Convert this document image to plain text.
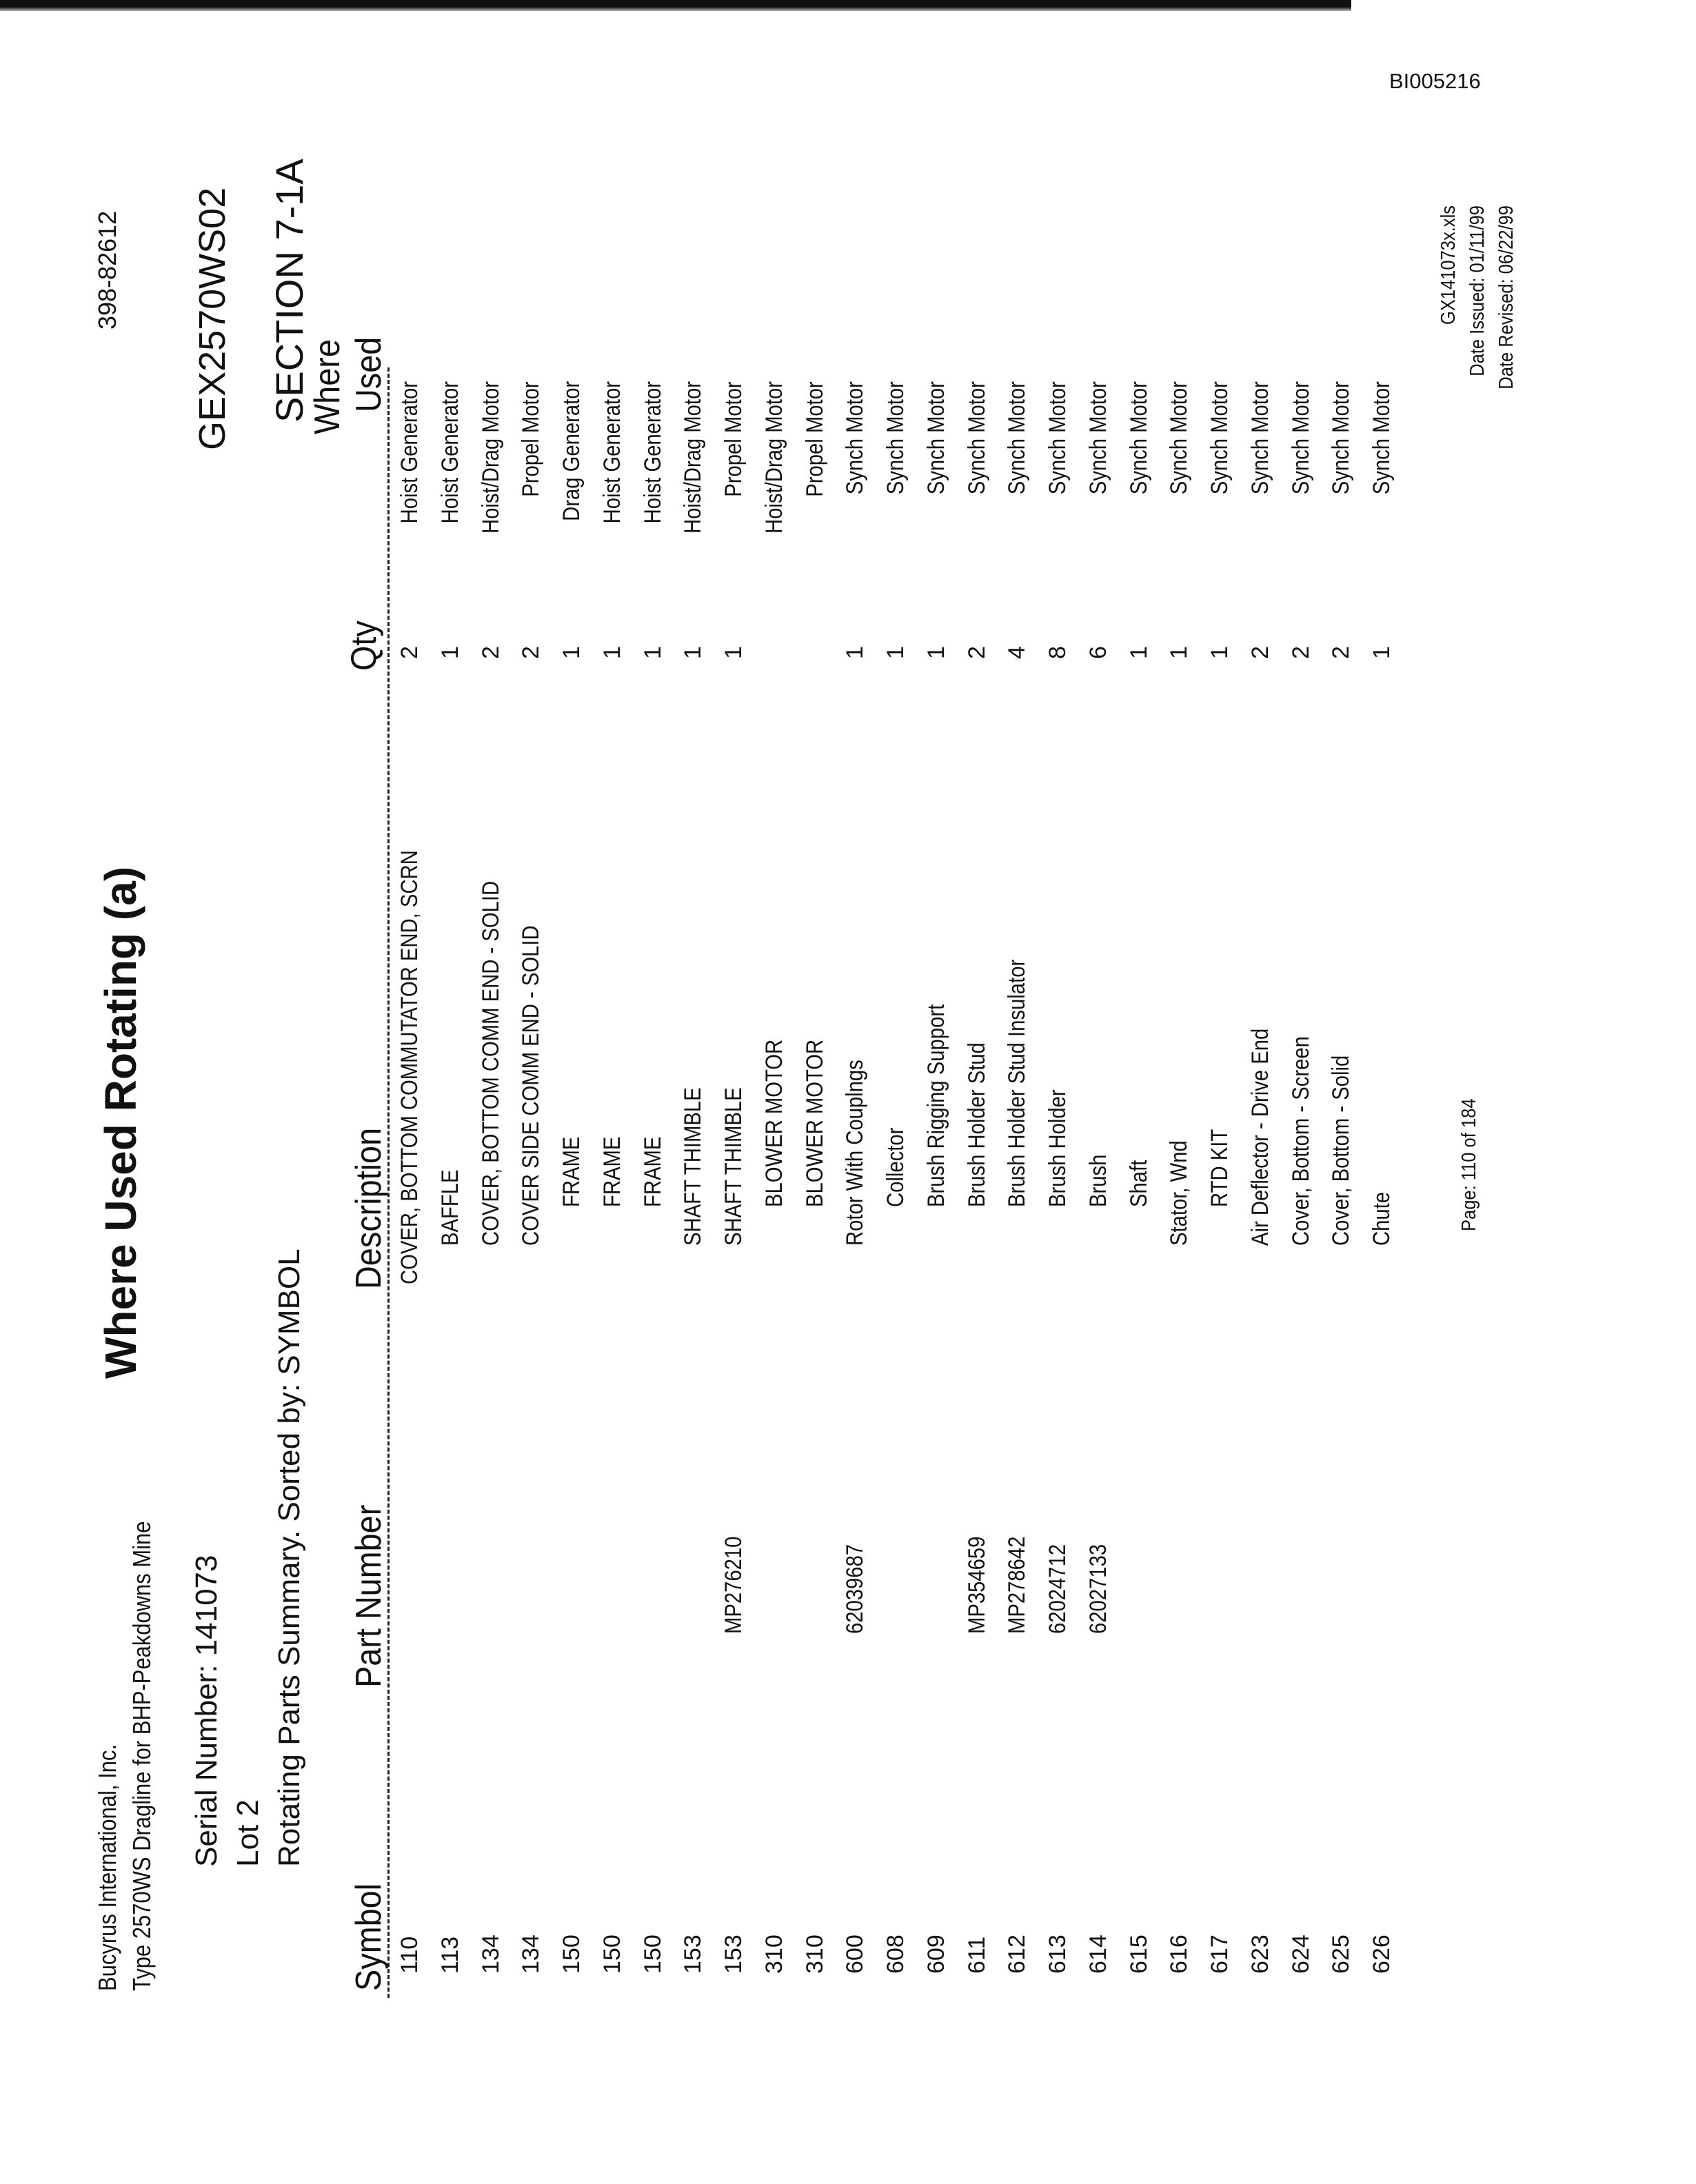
BI005216
Bucyrus International, Inc. Type 2570WS Dragline for BHP-Peakdowns Mine Serial Number: 141073 Lot 2 Rotating Parts Summary. Sorted by: SYMBOL
Where Used Rotating (a)
398-82612 GEX2570WS02 SECTION 7-1A
Symbol
Part Number
Description
Qty
Where Used
110
COVER, BOTTOM COMMUTATOR END, SCRN
2
Hoist Generator
113
BAFFLE
1
Hoist Generator
134
COVER, BOTTOM COMM END - SOLID
2
Hoist/Drag Motor
134
COVER SIDE COMM END - SOLID
2
Propel Motor
150
FRAME
1
Drag Generator
150
FRAME
1
Hoist Generator
150
FRAME
1
Hoist Generator
153
SHAFT THIMBLE
1
Hoist/Drag Motor
153
MP276210
SHAFT THIMBLE
1
Propel Motor
310
BLOWER MOTOR
Hoist/Drag Motor
310
BLOWER MOTOR
Propel Motor
600
62039687
Rotor With Couplngs
1
Synch Motor
608
Collector
1
Synch Motor
609
Brush Rigging Support
1
Synch Motor
611
MP354659
Brush Holder Stud
2
Synch Motor
612
MP278642
Brush Holder Stud Insulator
4
Synch Motor
613
62024712
Brush Holder
8
Synch Motor
614
62027133
Brush
6
Synch Motor
615
Shaft
1
Synch Motor
616
Stator, Wnd
1
Synch Motor
617
RTD KIT
1
Synch Motor
623
Air Deflector - Drive End
2
Synch Motor
624
Cover, Bottom - Screen
2
Synch Motor
625
Cover, Bottom - Solid
2
Synch Motor
626
Chute
1
Synch Motor
GX141073x.xls Date Issued: 01/11/99 Date Revised: 06/22/99
Page: 110 of 184
